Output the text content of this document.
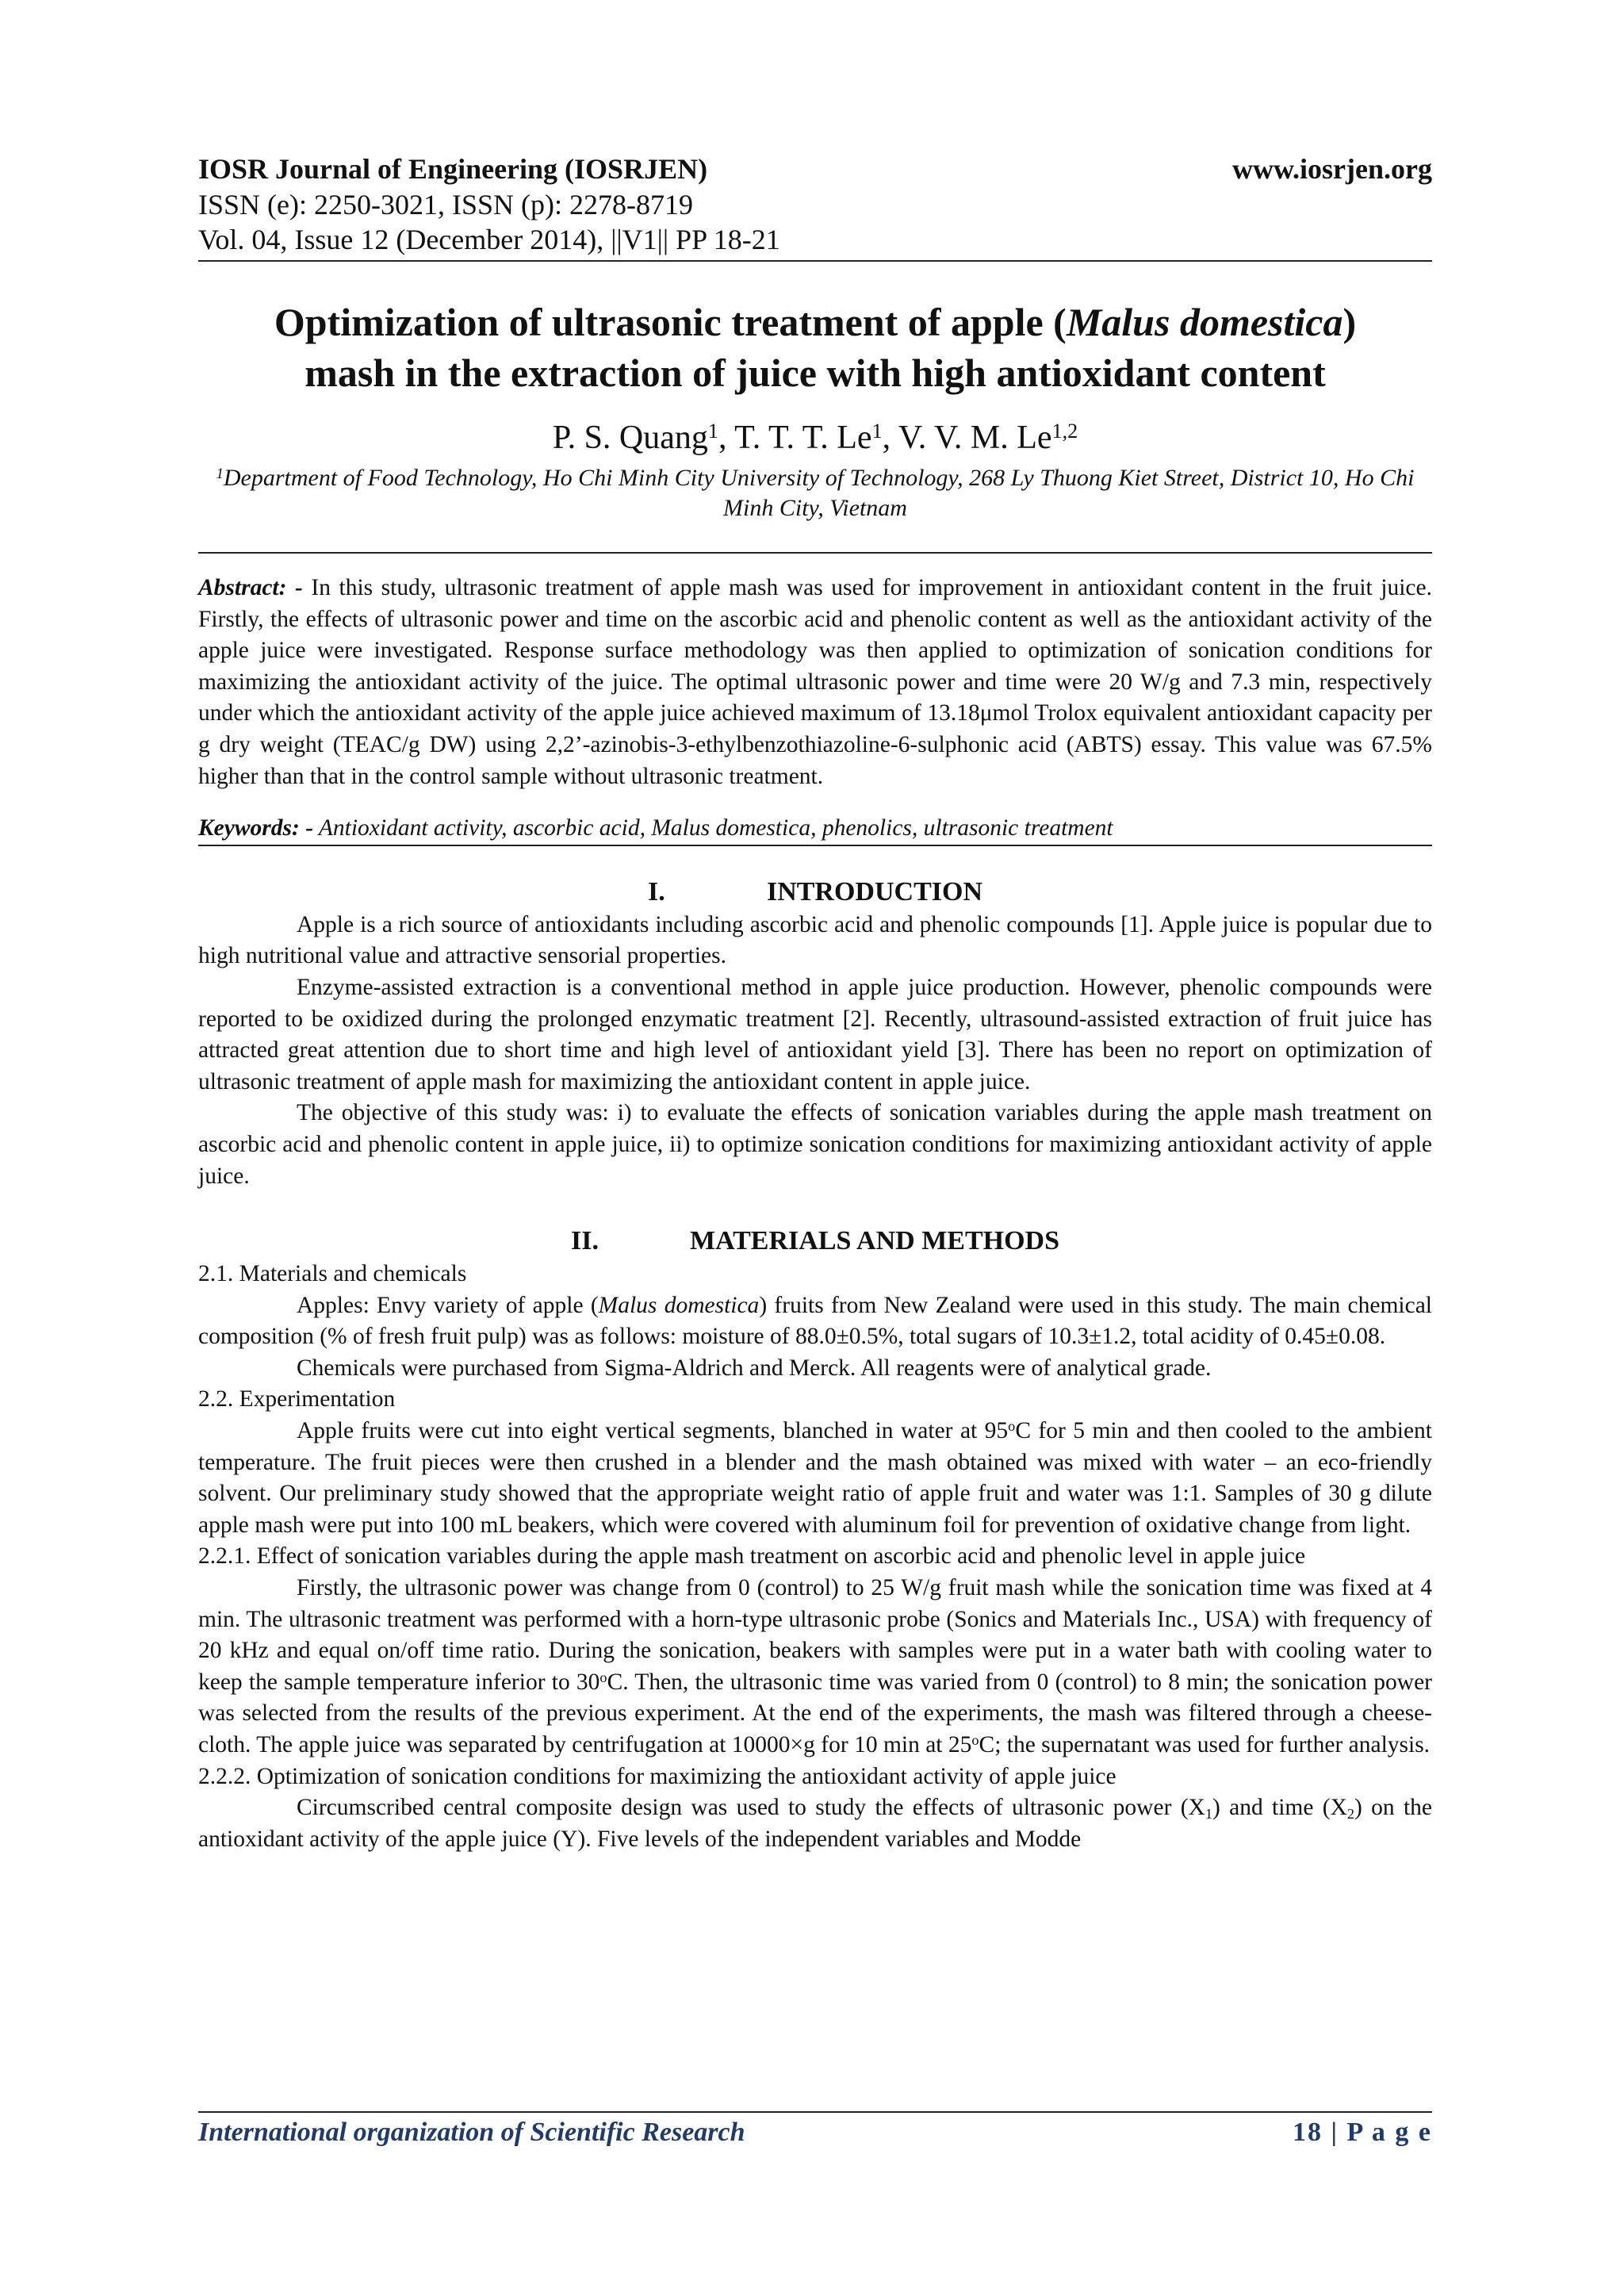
IOSR Journal of Engineering (IOSRJEN)	www.iosrjen.org
ISSN (e): 2250-3021, ISSN (p): 2278-8719
Vol. 04, Issue 12 (December 2014), ||V1|| PP 18-21
Optimization of ultrasonic treatment of apple (Malus domestica)
mash in the extraction of juice with high antioxidant content
P. S. Quang$^1$, T. T. T. Le$^1$, V. V. M. Le$^{1,2}$
$^1$Department of Food Technology, Ho Chi Minh City University of Technology, 268 Ly Thuong Kiet Street, District 10, Ho Chi Minh City, Vietnam
Abstract: - In this study, ultrasonic treatment of apple mash was used for improvement in antioxidant content in the fruit juice. Firstly, the effects of ultrasonic power and time on the ascorbic acid and phenolic content as well as the antioxidant activity of the apple juice were investigated. Response surface methodology was then applied to optimization of sonication conditions for maximizing the antioxidant activity of the juice. The optimal ultrasonic power and time were 20 W/g and 7.3 min, respectively under which the antioxidant activity of the apple juice achieved maximum of 13.18μmol Trolox equivalent antioxidant capacity per g dry weight (TEAC/g DW) using 2,2’-azinobis-3-ethylbenzothiazoline-6-sulphonic acid (ABTS) essay. This value was 67.5% higher than that in the control sample without ultrasonic treatment.
Keywords: - Antioxidant activity, ascorbic acid, Malus domestica, phenolics, ultrasonic treatment
I.	INTRODUCTION

Apple is a rich source of antioxidants including ascorbic acid and phenolic compounds [1]. Apple juice is popular due to high nutritional value and attractive sensorial properties.

Enzyme-assisted extraction is a conventional method in apple juice production. However, phenolic compounds were reported to be oxidized during the prolonged enzymatic treatment [2]. Recently, ultrasound-assisted extraction of fruit juice has attracted great attention due to short time and high level of antioxidant yield [3]. There has been no report on optimization of ultrasonic treatment of apple mash for maximizing the antioxidant content in apple juice.

The objective of this study was: i) to evaluate the effects of sonication variables during the apple mash treatment on ascorbic acid and phenolic content in apple juice, ii) to optimize sonication conditions for maximizing antioxidant activity of apple juice.

II.	MATERIALS AND METHODS

2.1. Materials and chemicals

Apples: Envy variety of apple (Malus domestica) fruits from New Zealand were used in this study. The main chemical composition (% of fresh fruit pulp) was as follows: moisture of 88.0±0.5%, total sugars of 10.3±1.2, total acidity of 0.45±0.08.

Chemicals were purchased from Sigma-Aldrich and Merck. All reagents were of analytical grade.

2.2. Experimentation

Apple fruits were cut into eight vertical segments, blanched in water at 95$^o$C for 5 min and then cooled to the ambient temperature. The fruit pieces were then crushed in a blender and the mash obtained was mixed with water – an eco-friendly solvent. Our preliminary study showed that the appropriate weight ratio of apple fruit and water was 1:1. Samples of 30 g dilute apple mash were put into 100 mL beakers, which were covered with aluminum foil for prevention of oxidative change from light.

2.2.1. Effect of sonication variables during the apple mash treatment on ascorbic acid and phenolic level in apple juice

Firstly, the ultrasonic power was change from 0 (control) to 25 W/g fruit mash while the sonication time was fixed at 4 min. The ultrasonic treatment was performed with a horn-type ultrasonic probe (Sonics and Materials Inc., USA) with frequency of 20 kHz and equal on/off time ratio. During the sonication, beakers with samples were put in a water bath with cooling water to keep the sample temperature inferior to 30$^o$C. Then, the ultrasonic time was varied from 0 (control) to 8 min; the sonication power was selected from the results of the previous experiment. At the end of the experiments, the mash was filtered through a cheese-cloth. The apple juice was separated by centrifugation at 10000×g for 10 min at 25$^o$C; the supernatant was used for further analysis.

2.2.2. Optimization of sonication conditions for maximizing the antioxidant activity of apple juice

Circumscribed central composite design was used to study the effects of ultrasonic power $(X_1)$ and time $(X_2)$ on the antioxidant activity of the apple juice (Y). Five levels of the independent variables and Modde

International organization of Scientific Research	18 | P a g e
